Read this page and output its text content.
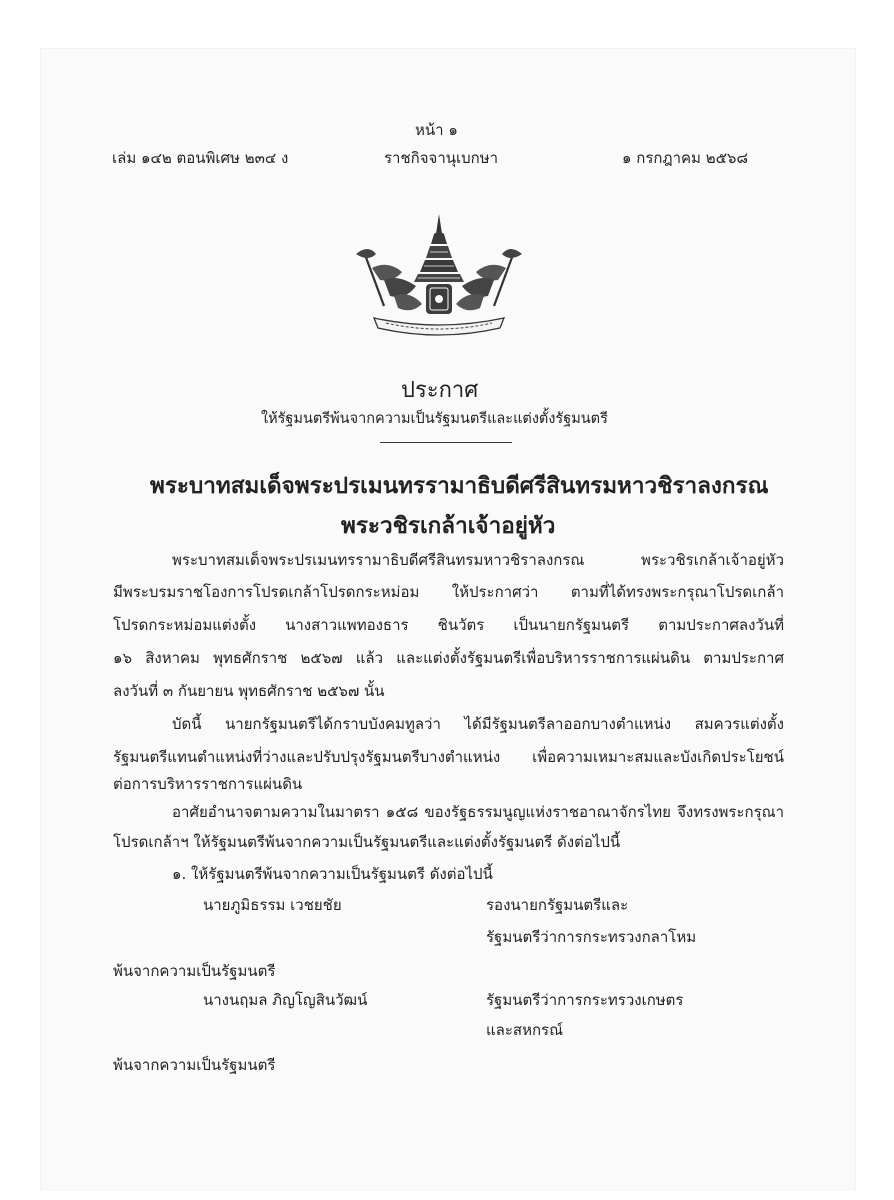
หน้า ๑
เล่ม ๑๔๒ ตอนพิเศษ ๒๓๔ ง	ราชกิจจานุเบกษา	๑ กรกฎาคม ๒๕๖๘
ประกาศ
ให้รัฐมนตรีพ้นจากความเป็นรัฐมนตรีและแต่งตั้งรัฐมนตรี
พระบาทสมเด็จพระปรเมนทรรามาธิบดีศรีสินทรมหาวชิราลงกรณ
พระวชิรเกล้าเจ้าอยู่หัว
พระบาทสมเด็จพระปรเมนทรรามาธิบดีศรีสินทรมหาวชิราลงกรณ พระวชิรเกล้าเจ้าอยู่หัว
มีพระบรมราชโองการโปรดเกล้าโปรดกระหม่อม ให้ประกาศว่า ตามที่ได้ทรงพระกรุณาโปรดเกล้า
โปรดกระหม่อมแต่งตั้ง นางสาวแพทองธาร ชินวัตร เป็นนายกรัฐมนตรี ตามประกาศลงวันที่
๑๖ สิงหาคม พุทธศักราช ๒๕๖๗ แล้ว และแต่งตั้งรัฐมนตรีเพื่อบริหารราชการแผ่นดิน ตามประกาศ
ลงวันที่ ๓ กันยายน พุทธศักราช ๒๕๖๗ นั้น
บัดนี้ นายกรัฐมนตรีได้กราบบังคมทูลว่า ได้มีรัฐมนตรีลาออกบางตำแหน่ง สมควรแต่งตั้ง
รัฐมนตรีแทนตำแหน่งที่ว่างและปรับปรุงรัฐมนตรีบางตำแหน่ง เพื่อความเหมาะสมและบังเกิดประโยชน์
ต่อการบริหารราชการแผ่นดิน
อาศัยอำนาจตามความในมาตรา ๑๕๘ ของรัฐธรรมนูญแห่งราชอาณาจักรไทย จึงทรงพระกรุณา
โปรดเกล้าฯ ให้รัฐมนตรีพ้นจากความเป็นรัฐมนตรีและแต่งตั้งรัฐมนตรี ดังต่อไปนี้
๑. ให้รัฐมนตรีพ้นจากความเป็นรัฐมนตรี ดังต่อไปนี้
นายภูมิธรรม เวชยชัย	รองนายกรัฐมนตรีและ
รัฐมนตรีว่าการกระทรวงกลาโหม
พ้นจากความเป็นรัฐมนตรี
นางนฤมล ภิญโญสินวัฒน์	รัฐมนตรีว่าการกระทรวงเกษตร
และสหกรณ์
พ้นจากความเป็นรัฐมนตรี
